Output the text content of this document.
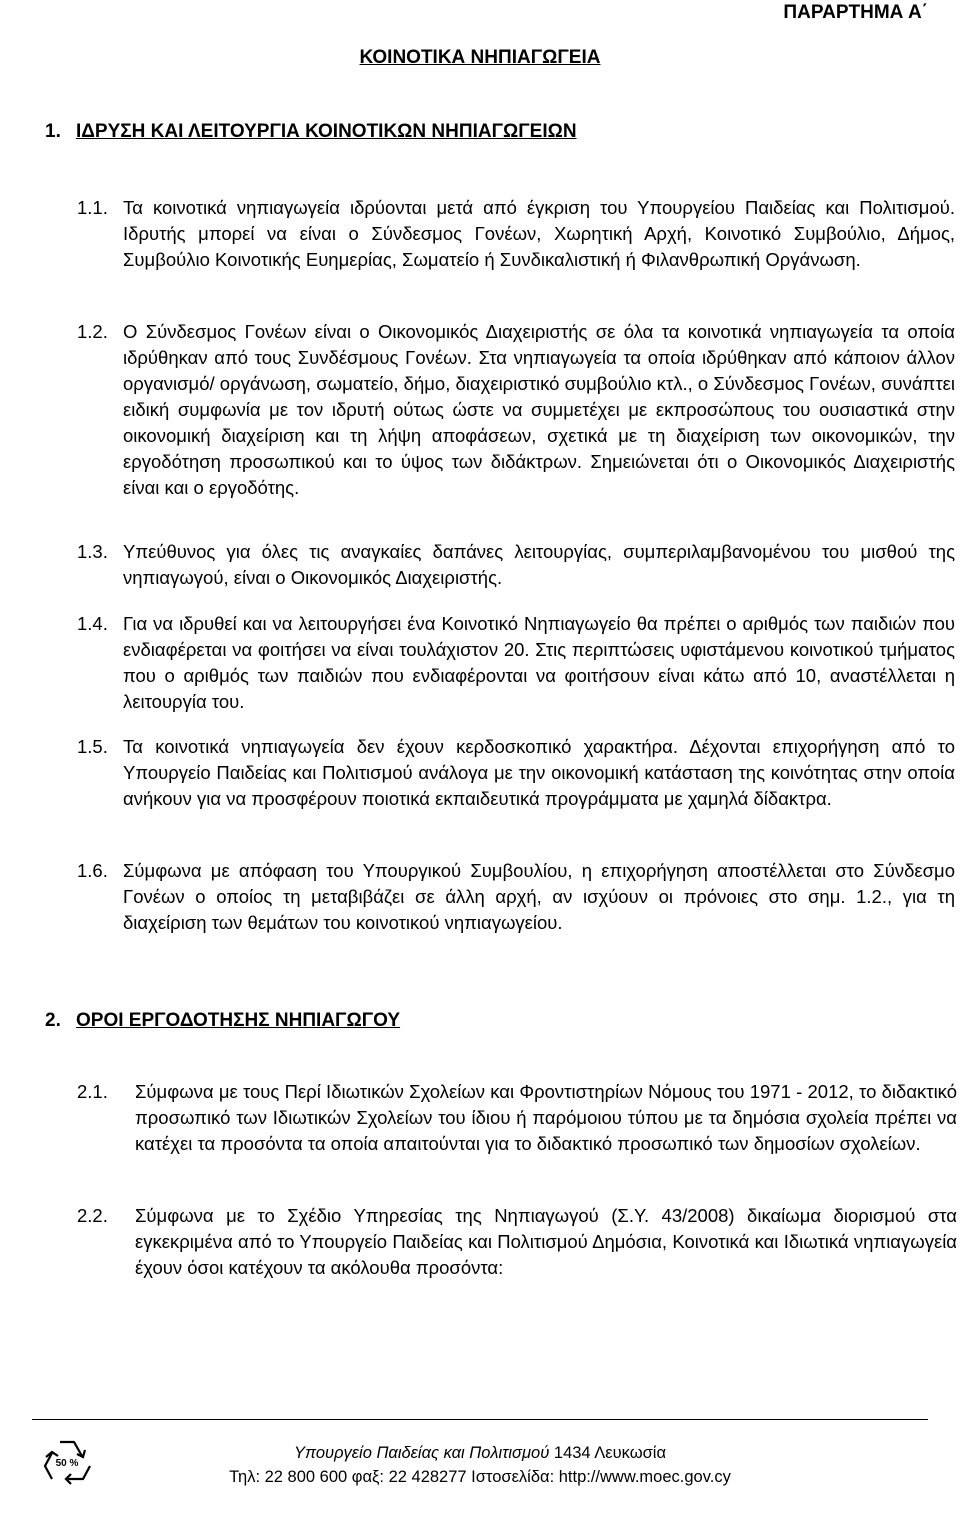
ΠΑΡΑΡΤΗΜΑ Α΄
ΚΟΙΝΟΤΙΚΑ ΝΗΠΙΑΓΩΓΕΙΑ
1. ΙΔΡΥΣΗ ΚΑΙ ΛΕΙΤΟΥΡΓΙΑ ΚΟΙΝΟΤΙΚΩΝ ΝΗΠΙΑΓΩΓΕΙΩΝ
1.1. Τα κοινοτικά νηπιαγωγεία ιδρύονται μετά από έγκριση του Υπουργείου Παιδείας και Πολιτισμού. Ιδρυτής μπορεί να είναι ο Σύνδεσμος Γονέων, Χωρητική Αρχή, Κοινοτικό Συμβούλιο, Δήμος, Συμβούλιο Κοινοτικής Ευημερίας, Σωματείο ή Συνδικαλιστική ή Φιλανθρωπική Οργάνωση.
1.2. Ο Σύνδεσμος Γονέων είναι ο Οικονομικός Διαχειριστής σε όλα τα κοινοτικά νηπιαγωγεία τα οποία ιδρύθηκαν από τους Συνδέσμους Γονέων. Στα νηπιαγωγεία τα οποία ιδρύθηκαν από κάποιον άλλον οργανισμό/ οργάνωση, σωματείο, δήμο, διαχειριστικό συμβούλιο κτλ., ο Σύνδεσμος Γονέων, συνάπτει ειδική συμφωνία με τον ιδρυτή ούτως ώστε να συμμετέχει με εκπροσώπους του ουσιαστικά στην οικονομική διαχείριση και τη λήψη αποφάσεων, σχετικά με τη διαχείριση των οικονομικών, την εργοδότηση προσωπικού και το ύψος των διδάκτρων. Σημειώνεται ότι ο Οικονομικός Διαχειριστής είναι και ο εργοδότης.
1.3. Υπεύθυνος για όλες τις αναγκαίες δαπάνες λειτουργίας, συμπεριλαμβανομένου του μισθού της νηπιαγωγού, είναι ο Οικονομικός Διαχειριστής.
1.4. Για να ιδρυθεί και να λειτουργήσει ένα Κοινοτικό Νηπιαγωγείο θα πρέπει ο αριθμός των παιδιών που ενδιαφέρεται να φοιτήσει να είναι τουλάχιστον 20. Στις περιπτώσεις υφιστάμενου κοινοτικού τμήματος που ο αριθμός των παιδιών που ενδιαφέρονται να φοιτήσουν είναι κάτω από 10, αναστέλλεται η λειτουργία του.
1.5. Τα κοινοτικά νηπιαγωγεία δεν έχουν κερδοσκοπικό χαρακτήρα. Δέχονται επιχορήγηση από το Υπουργείο Παιδείας και Πολιτισμού ανάλογα με την οικονομική κατάσταση της κοινότητας στην οποία ανήκουν για να προσφέρουν ποιοτικά εκπαιδευτικά προγράμματα με χαμηλά δίδακτρα.
1.6. Σύμφωνα με απόφαση του Υπουργικού Συμβουλίου, η επιχορήγηση αποστέλλεται στο Σύνδεσμο Γονέων ο οποίος τη μεταβιβάζει σε άλλη αρχή, αν ισχύουν οι πρόνοιες στο σημ. 1.2., για τη διαχείριση των θεμάτων του κοινοτικού νηπιαγωγείου.
2. ΟΡΟΙ ΕΡΓΟΔΟΤΗΣΗΣ ΝΗΠΙΑΓΩΓΟΥ
2.1.	Σύμφωνα με τους Περί Ιδιωτικών Σχολείων και Φροντιστηρίων Νόμους του 1971 - 2012, το διδακτικό προσωπικό των Ιδιωτικών Σχολείων του ίδιου ή παρόμοιου τύπου με τα δημόσια σχολεία πρέπει να κατέχει τα προσόντα τα οποία απαιτούνται για το διδακτικό προσωπικό των δημοσίων σχολείων.
2.2.	Σύμφωνα με το Σχέδιο Υπηρεσίας της Νηπιαγωγού (Σ.Υ. 43/2008) δικαίωμα διορισμού στα εγκεκριμένα από το Υπουργείο Παιδείας και Πολιτισμού Δημόσια, Κοινοτικά και Ιδιωτικά νηπιαγωγεία έχουν όσοι κατέχουν τα ακόλουθα προσόντα:
50 %
Υπουργείο Παιδείας και Πολιτισμού 1434 Λευκωσία
Τηλ: 22 800 600 φαξ: 22 428277 Ιστοσελίδα: http://www.moec.gov.cy
